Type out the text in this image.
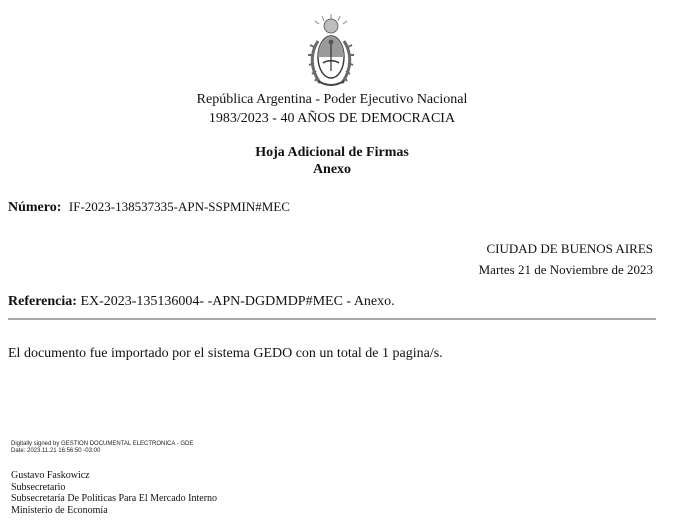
República Argentina - Poder Ejecutivo Nacional
1983/2023 - 40 AÑOS DE DEMOCRACIA
Hoja Adicional de Firmas
Anexo
Número: IF-2023-138537335-APN-SSPMIN#MEC
CIUDAD DE BUENOS AIRES
Martes 21 de Noviembre de 2023
Referencia: EX-2023-135136004- -APN-DGDMDP#MEC - Anexo.
El documento fue importado por el sistema GEDO con un total de 1 pagina/s.
Digitally signed by GESTION DOCUMENTAL ELECTRONICA - GDE
Date: 2023.11.21 16:56:50 -03:00
Gustavo Faskowicz
Subsecretario
Subsecretaría De Políticas Para El Mercado Interno
Ministerio de Economía
